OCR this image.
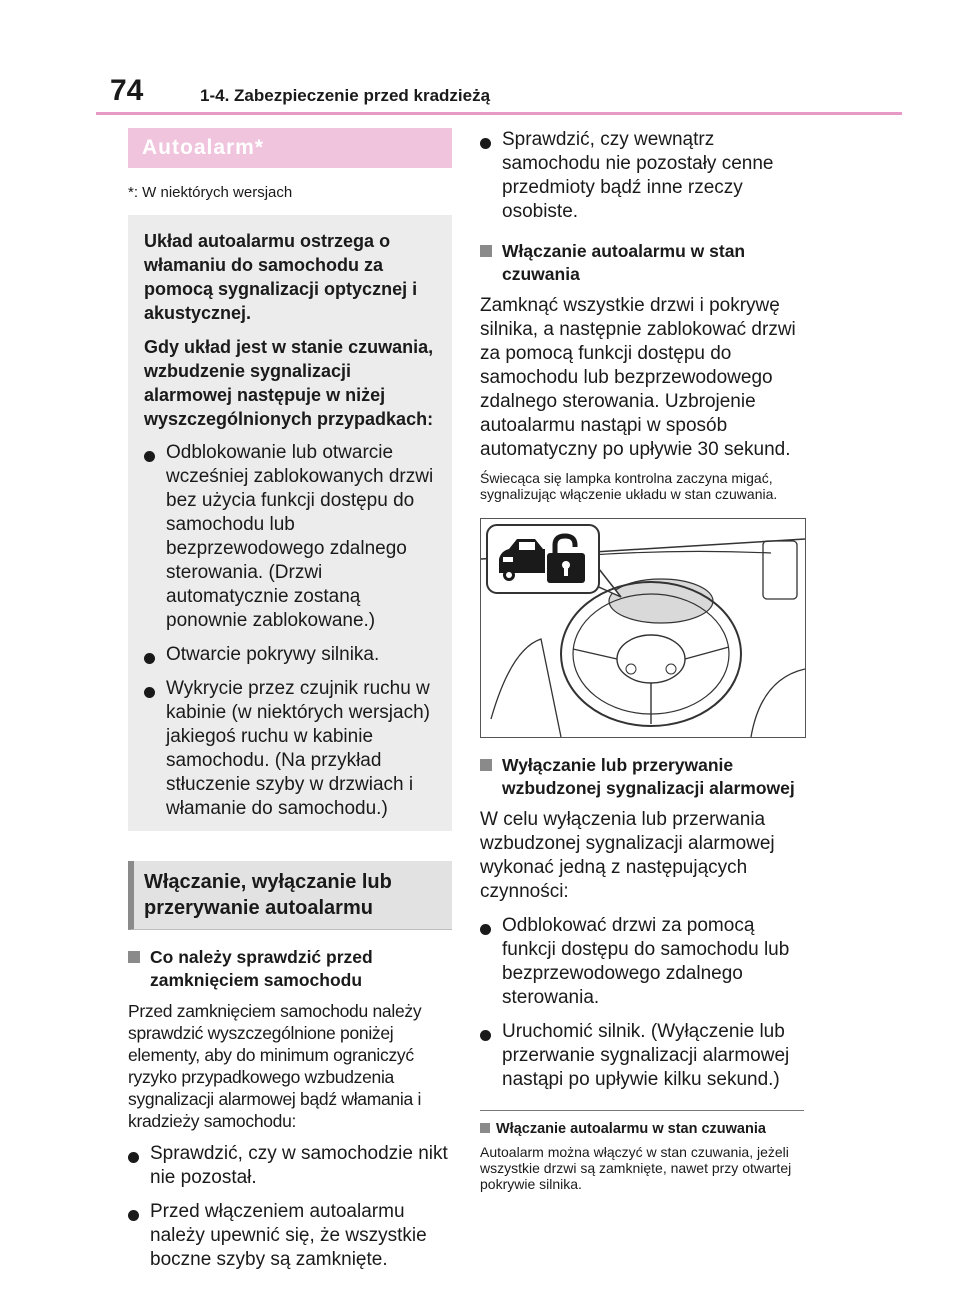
74	1-4. Zabezpieczenie przed kradzieżą
Autoalarm*
*: W niektórych wersjach
Układ autoalarmu ostrzega o włamaniu do samochodu za pomocą sygnalizacji optycznej i akustycznej.
Gdy układ jest w stanie czuwania, wzbudzenie sygnalizacji alarmowej następuje w niżej wyszczególnionych przypadkach:
Odblokowanie lub otwarcie wcześniej zablokowanych drzwi bez użycia funkcji dostępu do samochodu lub bezprzewodowego zdalnego sterowania. (Drzwi automatycznie zostaną ponownie zablokowane.)
Otwarcie pokrywy silnika.
Wykrycie przez czujnik ruchu w kabinie (w niektórych wersjach) jakiegoś ruchu w kabinie samochodu. (Na przykład stłuczenie szyby w drzwiach i włamanie do samochodu.)
Włączanie, wyłączanie lub przerywanie autoalarmu
Co należy sprawdzić przed zamknięciem samochodu
Przed zamknięciem samochodu należy sprawdzić wyszczególnione poniżej elementy, aby do minimum ograniczyć ryzyko przypadkowego wzbudzenia sygnalizacji alarmowej bądź włamania i kradzieży samochodu:
Sprawdzić, czy w samochodzie nikt nie pozostał.
Przed włączeniem autoalarmu należy upewnić się, że wszystkie boczne szyby są zamknięte.
Sprawdzić, czy wewnątrz samochodu nie pozostały cenne przedmioty bądź inne rzeczy osobiste.
Włączanie autoalarmu w stan czuwania
Zamknąć wszystkie drzwi i pokrywę silnika, a następnie zablokować drzwi za pomocą funkcji dostępu do samochodu lub bezprzewodowego zdalnego sterowania. Uzbrojenie autoalarmu nastąpi w sposób automatyczny po upływie 30 sekund.
Świecąca się lampka kontrolna zaczyna migać, sygnalizując włączenie układu w stan czuwania.
Wyłączanie lub przerywanie wzbudzonej sygnalizacji alarmowej
W celu wyłączenia lub przerwania wzbudzonej sygnalizacji alarmowej wykonać jedną z następujących czynności:
Odblokować drzwi za pomocą funkcji dostępu do samochodu lub bezprzewodowego zdalnego sterowania.
Uruchomić silnik. (Wyłączenie lub przerwanie sygnalizacji alarmowej nastąpi po upływie kilku sekund.)
Włączanie autoalarmu w stan czuwania
Autoalarm można włączyć w stan czuwania, jeżeli wszystkie drzwi są zamknięte, nawet przy otwartej pokrywie silnika.
